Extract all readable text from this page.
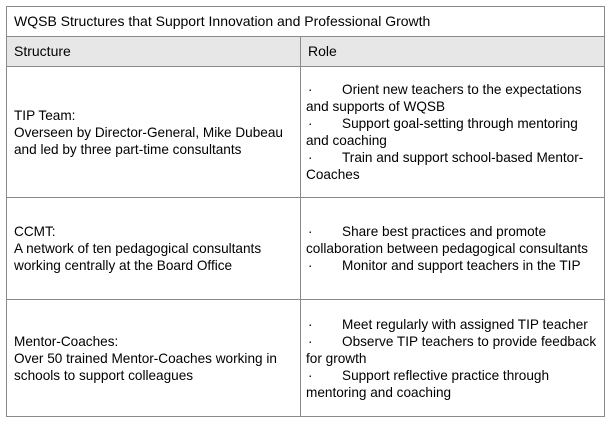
WQSB Structures that Support Innovation and Professional Growth	
Structure	Role

TIP Team:
Overseen by Director-General, Mike Dubeau and led by three part-time consultants	· Orient new teachers to the expectations and supports of WQSB
· Support goal-setting through mentoring and coaching
· Train and support school-based Mentor-Coaches

CCMT:
A network of ten pedagogical consultants working centrally at the Board Office	· Share best practices and promote collaboration between pedagogical consultants
· Monitor and support teachers in the TIP

Mentor-Coaches:
Over 50 trained Mentor-Coaches working in schools to support colleagues	· Meet regularly with assigned TIP teacher
· Observe TIP teachers to provide feedback for growth
· Support reflective practice through mentoring and coaching
